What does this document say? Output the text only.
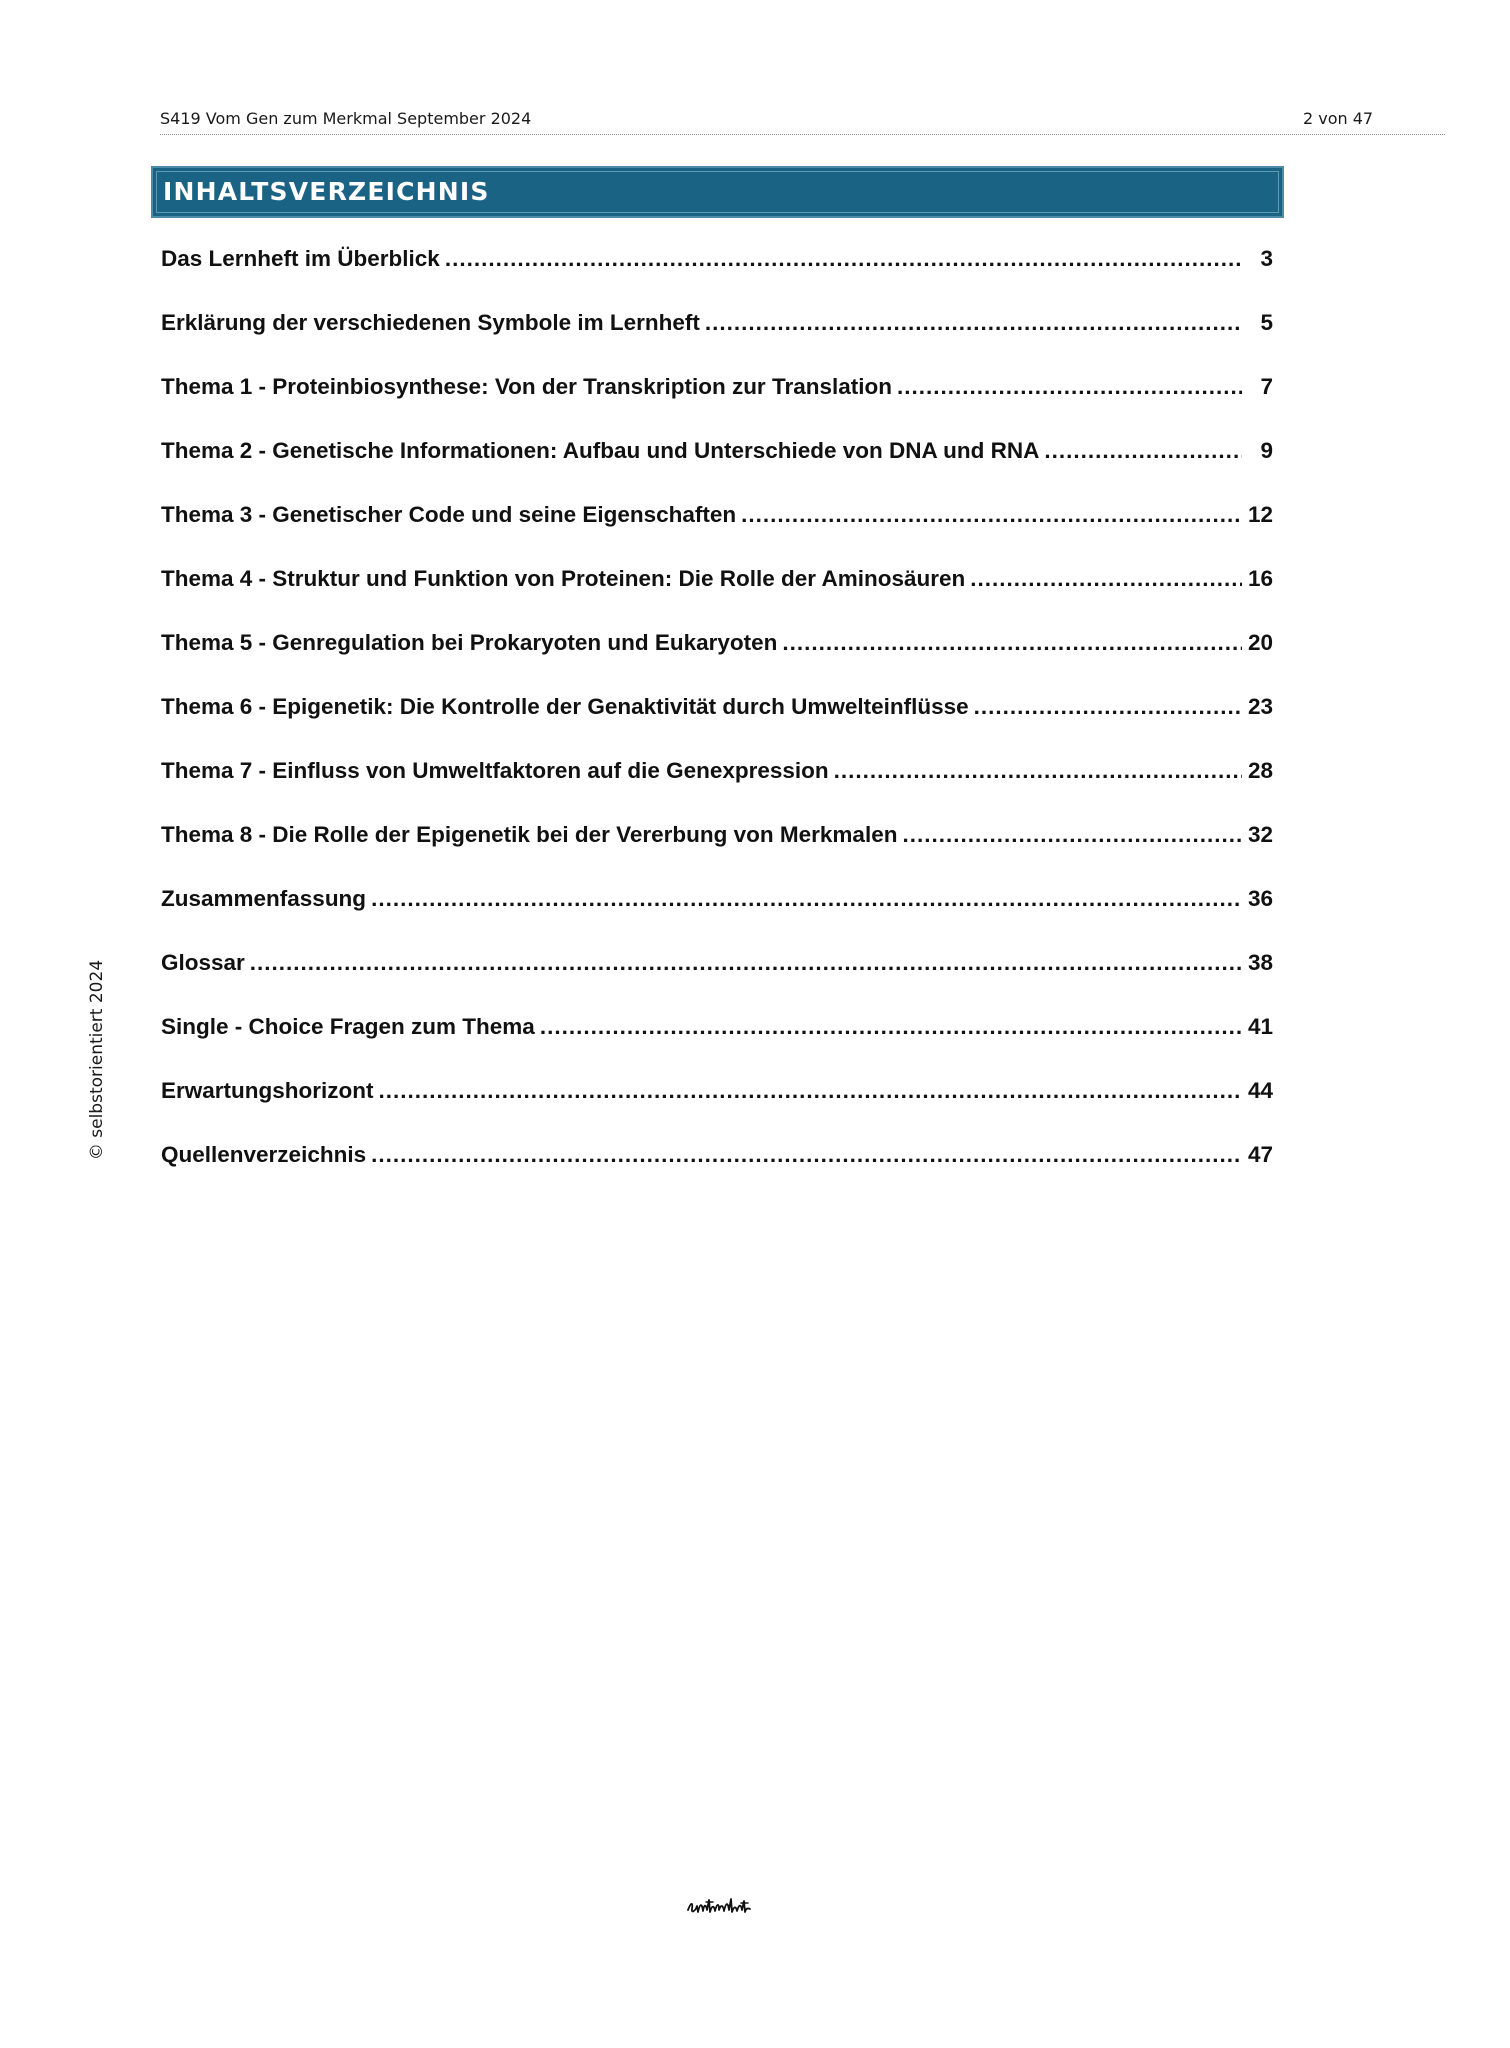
S419 Vom Gen zum Merkmal September 2024	2 von 47
INHALTSVERZEICHNIS
Das Lernheft im Überblick .....	3
Erklärung der verschiedenen Symbole im Lernheft .....	5
Thema 1 - Proteinbiosynthese: Von der Transkription zur Translation .....	7
Thema 2 - Genetische Informationen: Aufbau und Unterschiede von DNA und RNA .....	9
Thema 3 - Genetischer Code und seine Eigenschaften .....	12
Thema 4 - Struktur und Funktion von Proteinen: Die Rolle der Aminosäuren .....	16
Thema 5 - Genregulation bei Prokaryoten und Eukaryoten .....	20
Thema 6 - Epigenetik: Die Kontrolle der Genaktivität durch Umwelteinflüsse .....	23
Thema 7 - Einfluss von Umweltfaktoren auf die Genexpression .....	28
Thema 8 - Die Rolle der Epigenetik bei der Vererbung von Merkmalen .....	32
Zusammenfassung .....	36
Glossar .....	38
Single - Choice Fragen zum Thema .....	41
Erwartungshorizont .....	44
Quellenverzeichnis .....	47
© selbstorientiert 2024
